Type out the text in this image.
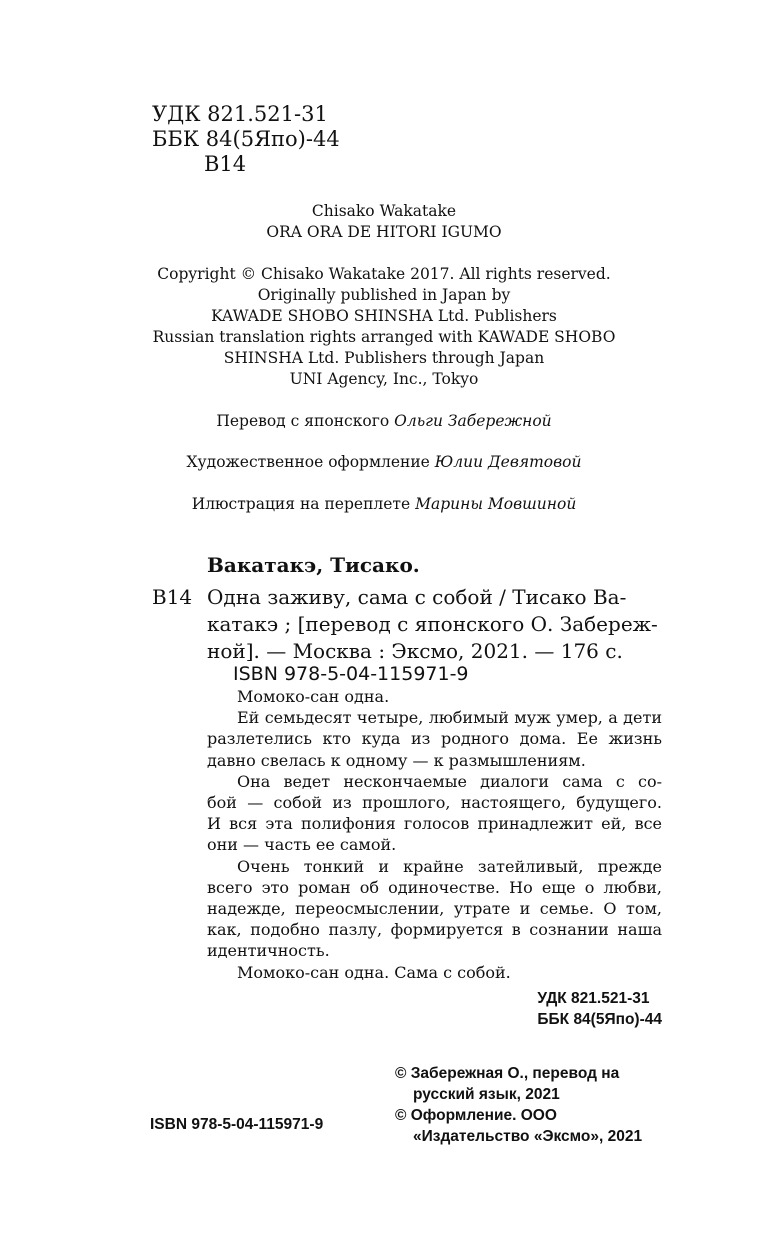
УДК 821.521-31
ББК 84(5Япо)-44
В14
Chisako Wakatake
ORA ORA DE HITORI IGUMO
Copyright © Chisako Wakatake 2017. All rights reserved.
Originally published in Japan by
KAWADE SHOBO SHINSHA Ltd. Publishers
Russian translation rights arranged with KAWADE SHOBO
SHINSHA Ltd. Publishers through Japan
UNI Agency, Inc., Tokyo
Перевод с японского Ольги Забережной
Художественное оформление Юлии Девятовой
Илюстрация на переплете Марины Мовшиной
Вакатакэ, Тисако.
В14 Одна заживу, сама с собой / Тисако Ва-
катакэ ; [перевод с японского О. Забереж-
ной]. — Москва : Эксмо, 2021. — 176 с.
ISBN 978-5-04-115971-9
Момоко-сан одна.
Ей семьдесят четыре, любимый муж умер, а дети
разлетелись кто куда из родного дома. Ее жизнь
давно свелась к одному — к размышлениям.
Она ведет нескончаемые диалоги сама с со-
бой — собой из прошлого, настоящего, будущего.
И вся эта полифония голосов принадлежит ей, все
они — часть ее самой.
Очень тонкий и крайне затейливый, прежде
всего это роман об одиночестве. Но еще о любви,
надежде, переосмыслении, утрате и семье. О том,
как, подобно пазлу, формируется в сознании наша
идентичность.
Момоко-сан одна. Сама с собой.
УДК 821.521-31
ББК 84(5Япо)-44
© Забережная О., перевод на
русский язык, 2021
© Оформление. ООО
«Издательство «Эксмо», 2021
ISBN 978-5-04-115971-9
